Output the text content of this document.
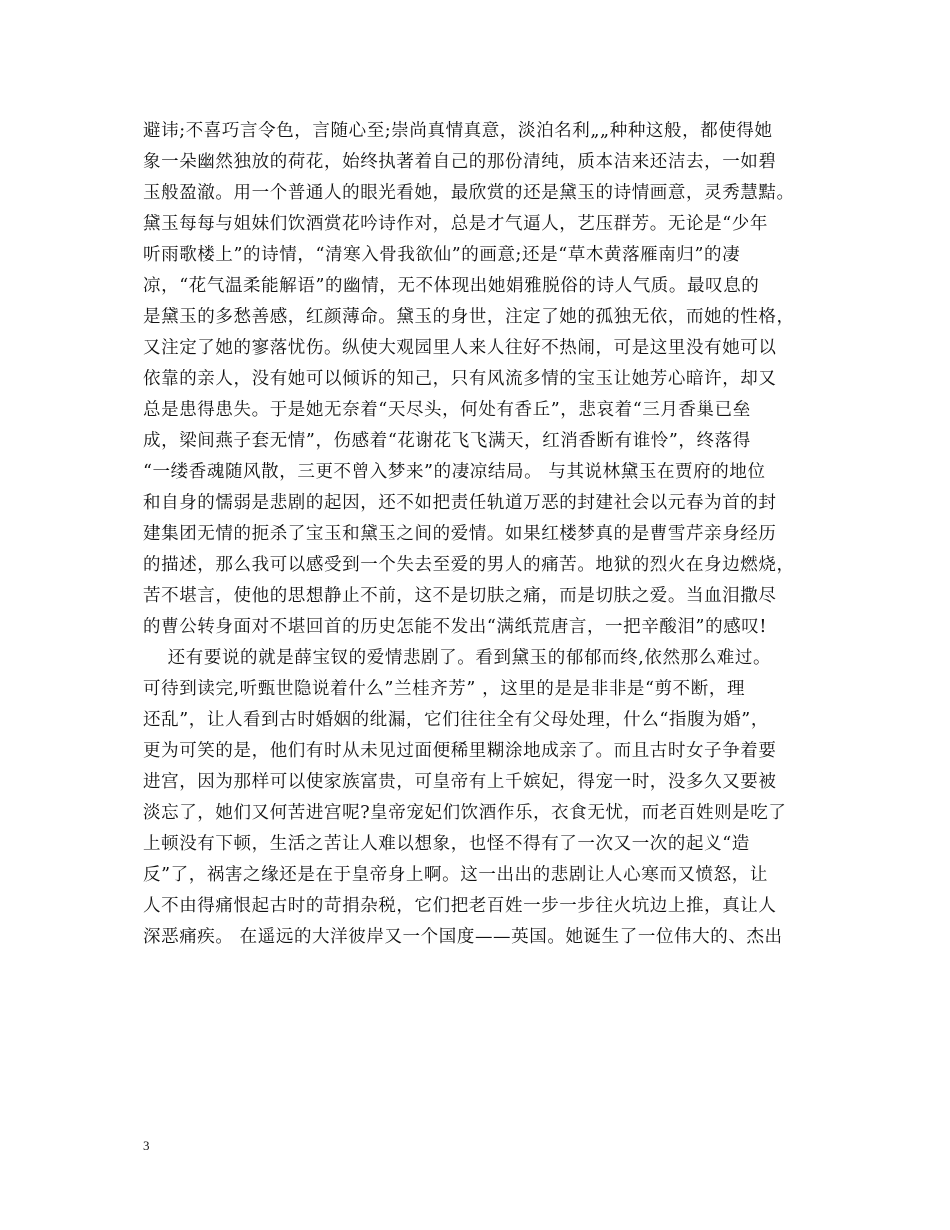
避讳;不喜巧言令色，言随心至;崇尚真情真意，淡泊名利„„种种这般，都使得她
象一朵幽然独放的荷花，始终执著着自己的那份清纯，质本洁来还洁去，一如碧
玉般盈澈。用一个普通人的眼光看她，最欣赏的还是黛玉的诗情画意，灵秀慧黠。
黛玉每每与姐妹们饮酒赏花吟诗作对，总是才气逼人，艺压群芳。无论是“少年
听雨歌楼上”的诗情，“清寒入骨我欲仙”的画意;还是“草木黄落雁南归”的凄
凉，“花气温柔能解语”的幽情，无不体现出她娟雅脱俗的诗人气质。最叹息的
是黛玉的多愁善感，红颜薄命。黛玉的身世，注定了她的孤独无依，而她的性格，
又注定了她的寥落忧伤。纵使大观园里人来人往好不热闹，可是这里没有她可以
依靠的亲人，没有她可以倾诉的知己，只有风流多情的宝玉让她芳心暗许，却又
总是患得患失。于是她无奈着“天尽头，何处有香丘”，悲哀着“三月香巢已垒
成，梁间燕子套无情”，伤感着“花谢花飞飞满天，红消香断有谁怜”，终落得
“一缕香魂随风散，三更不曾入梦来”的凄凉结局。 与其说林黛玉在贾府的地位
和自身的懦弱是悲剧的起因，还不如把责任轨道万恶的封建社会以元春为首的封
建集团无情的扼杀了宝玉和黛玉之间的爱情。如果红楼梦真的是曹雪芹亲身经历
的描述，那么我可以感受到一个失去至爱的男人的痛苦。地狱的烈火在身边燃烧，
苦不堪言，使他的思想静止不前，这不是切肤之痛，而是切肤之爱。当血泪撒尽
的曹公转身面对不堪回首的历史怎能不发出“满纸荒唐言，一把辛酸泪”的感叹!
还有要说的就是薛宝钗的爱情悲剧了。看到黛玉的郁郁而终,依然那么难过。
可待到读完,听甄世隐说着什么”兰桂齐芳” ，这里的是是非非是“剪不断，理
还乱”，让人看到古时婚姻的纰漏，它们往往全有父母处理，什么“指腹为婚”，
更为可笑的是，他们有时从未见过面便稀里糊涂地成亲了。而且古时女子争着要
进宫，因为那样可以使家族富贵，可皇帝有上千嫔妃，得宠一时，没多久又要被
淡忘了，她们又何苦进宫呢?皇帝宠妃们饮酒作乐，衣食无忧，而老百姓则是吃了
上顿没有下顿，生活之苦让人难以想象，也怪不得有了一次又一次的起义“造
反”了，祸害之缘还是在于皇帝身上啊。这一出出的悲剧让人心寒而又愤怒，让
人不由得痛恨起古时的苛捐杂税，它们把老百姓一步一步往火坑边上推，真让人
深恶痛疾。 在遥远的大洋彼岸又一个国度——英国。她诞生了一位伟大的、杰出
3
